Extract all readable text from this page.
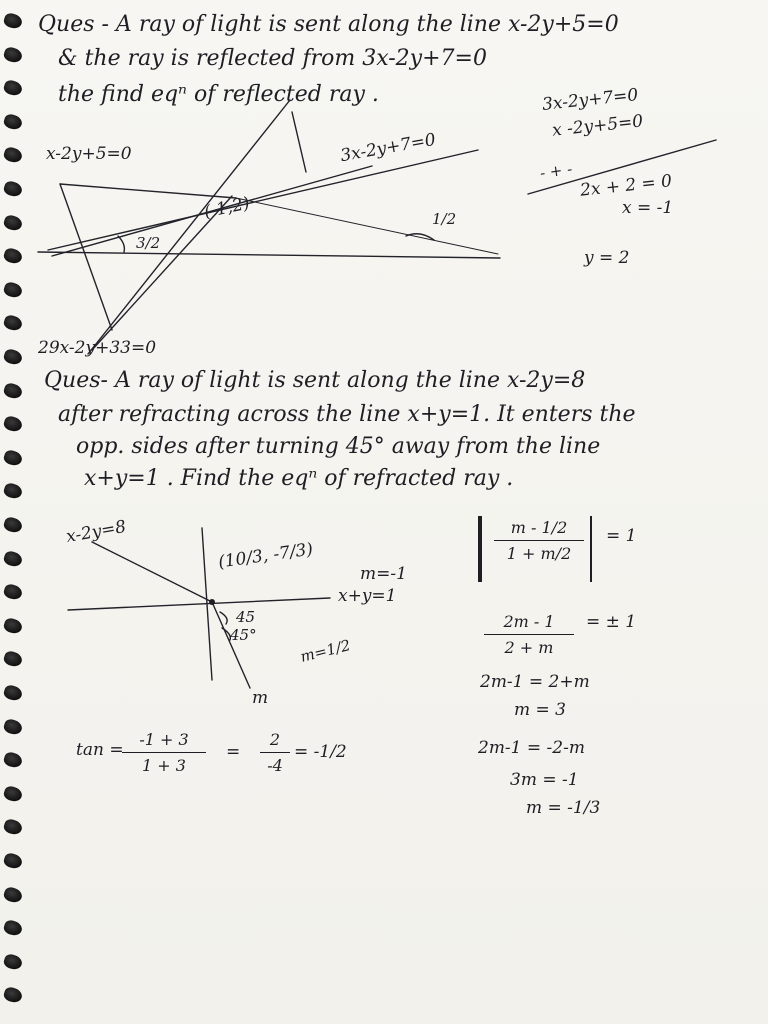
Ques - A ray of light is sent along the line x-2y+5=0
& the ray is reflected from 3x-2y+7=0
the find eqⁿ of reflected ray .
x-2y+5=0	3x-2y+7=0
(-1,2)
3/2
1/2
29x-2y+33=0
3x-2y+7=0
x -2y+5=0
- + -
2x + 2 = 0
x = -1
y = 2
Ques- A ray of light is sent along the line x-2y=8
after refracting across the line x+y=1. It enters the
opp. sides after turning 45° away from the line
x+y=1 . Find the eqⁿ of refracted ray .
x-2y=8
(10/3, -7/3)
m=-1
x+y=1
45
45°
m=1/2
m
m - 1/2
1 + m/2
= 1
2m - 1
2 + m
= ± 1
2m-1 = 2+m
m = 3
2m-1 = -2-m
3m = -1
m = -1/3
tan =
-1 + 3
1 + 3
=
2
-4
= -1/2
